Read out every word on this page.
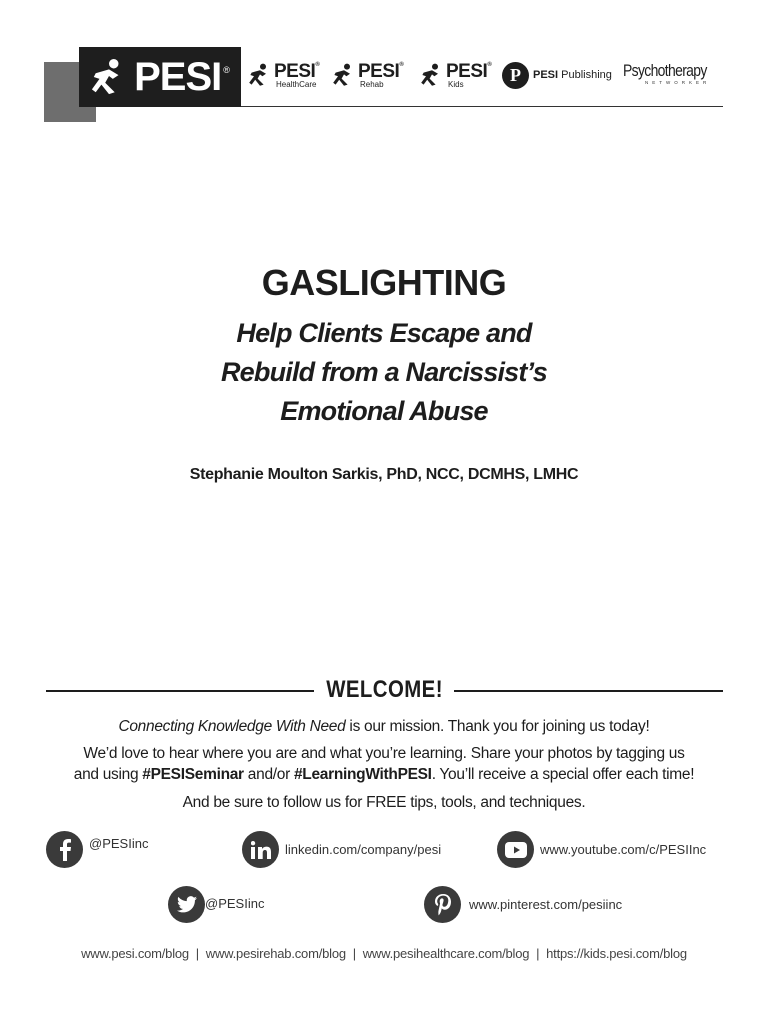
PESI® PESI®
HealthCare
PESI®
Rehab
PESI®
Kids	P	PESI Publishing Psychotherapy
NETWORKER
GASLIGHTING
Help Clients Escape and
Rebuild from a Narcissist’s
Emotional Abuse
Stephanie Moulton Sarkis, PhD, NCC, DCMHS, LMHC
WELCOME!
Connecting Knowledge With Need is our mission. Thank you for joining us today!
We’d love to hear where you are and what you’re learning. Share your photos by tagging us
and using #PESISeminar and/or #LearningWithPESI. You’ll receive a special offer each time!
And be sure to follow us for FREE tips, tools, and techniques.
@PESIinc	linkedin.com/company/pesi	www.youtube.com/c/PESIInc
@PESIinc	www.pinterest.com/pesiinc
www.pesi.com/blog  |  www.pesirehab.com/blog  |  www.pesihealthcare.com/blog  |  https://kids.pesi.com/blog
